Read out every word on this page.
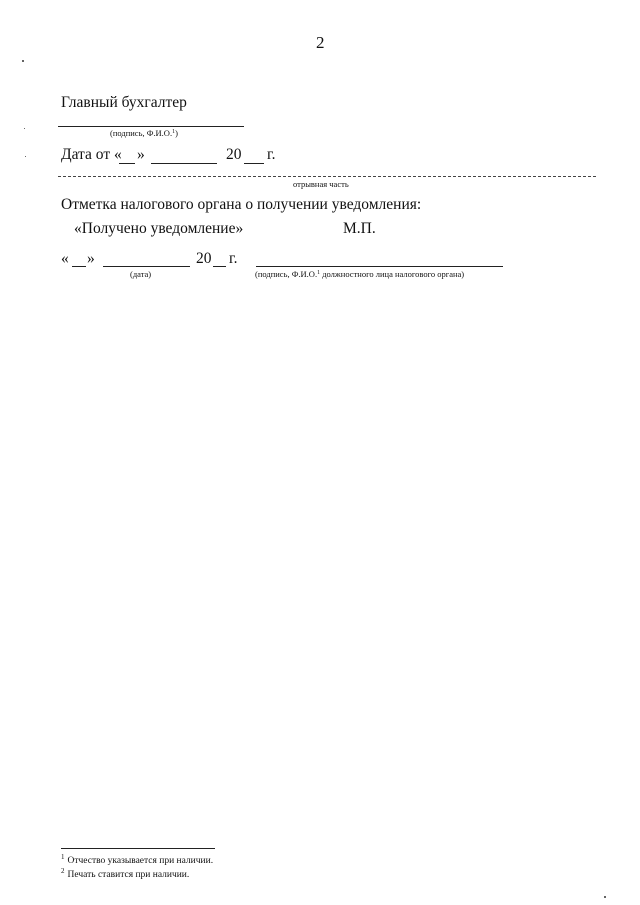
2
Главный бухгалтер
(подпись, Ф.И.О.$^1$)
Дата от « »	20 г.
отрывная часть
Отметка налогового органа о получении уведомления:
«Получено уведомление»	М.П.
« »	20 г.
(дата)	(подпись, Ф.И.О.$^1$ должностного лица налогового органа)
$^1$ Отчество указывается при наличии.
$^2$ Печать ставится при наличии.
